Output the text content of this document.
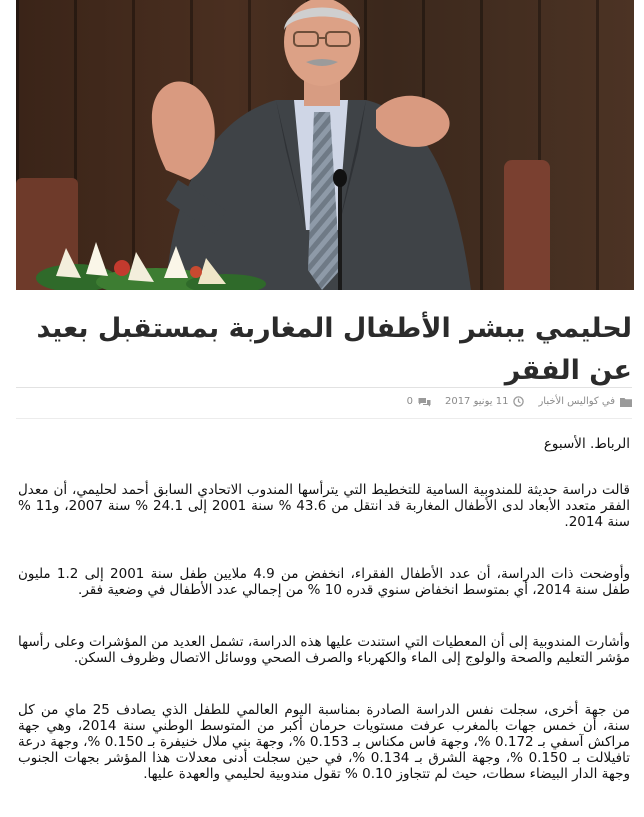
لحليمي يبشر الأطفال المغاربة بمستقبل بعيد عن الفقر
في كواليس الأخبار
11 يونيو 2017
0
الرباط. الأسبوع

قالت دراسة حديثة للمندوبية السامية للتخطيط التي يترأسها المندوب الاتحادي السابق أحمد لحليمي، أن معدل الفقر متعدد الأبعاد لدى الأطفال المغاربة قد انتقل من 43.6 % سنة 2001 إلى 24.1 % سنة 2007، و11 % سنة 2014.

وأوضحت ذات الدراسة، أن عدد الأطفال الفقراء، انخفض من 4.9 ملايين طفل سنة 2001 إلى 1.2 مليون طفل سنة 2014، أي بمتوسط انخفاض سنوي قدره 10 % من إجمالي عدد الأطفال في وضعية فقر.

وأشارت المندوبية إلى أن المعطيات التي استندت عليها هذه الدراسة، تشمل العديد من المؤشرات وعلى رأسها مؤشر التعليم والصحة والولوج إلى الماء والكهرباء والصرف الصحي ووسائل الاتصال وظروف السكن.

من جهة أخرى، سجلت نفس الدراسة الصادرة بمناسبة اليوم العالمي للطفل الذي يصادف 25 ماي من كل سنة، أن خمس جهات بالمغرب عرفت مستويات حرمان أكبر من المتوسط الوطني سنة 2014، وهي جهة مراكش آسفي بـ 0.172 %، وجهة فاس مكناس بـ 0.153 %، وجهة بني ملال خنيفرة بـ 0.150 %، وجهة درعة تافيلالت بـ 0.150 %، وجهة الشرق بـ 0.134 %، في حين سجلت أدنى معدلات هذا المؤشر بجهات الجنوب وجهة الدار البيضاء سطات، حيث لم تتجاوز 0.10 % تقول مندوبية لحليمي والعهدة عليها.
